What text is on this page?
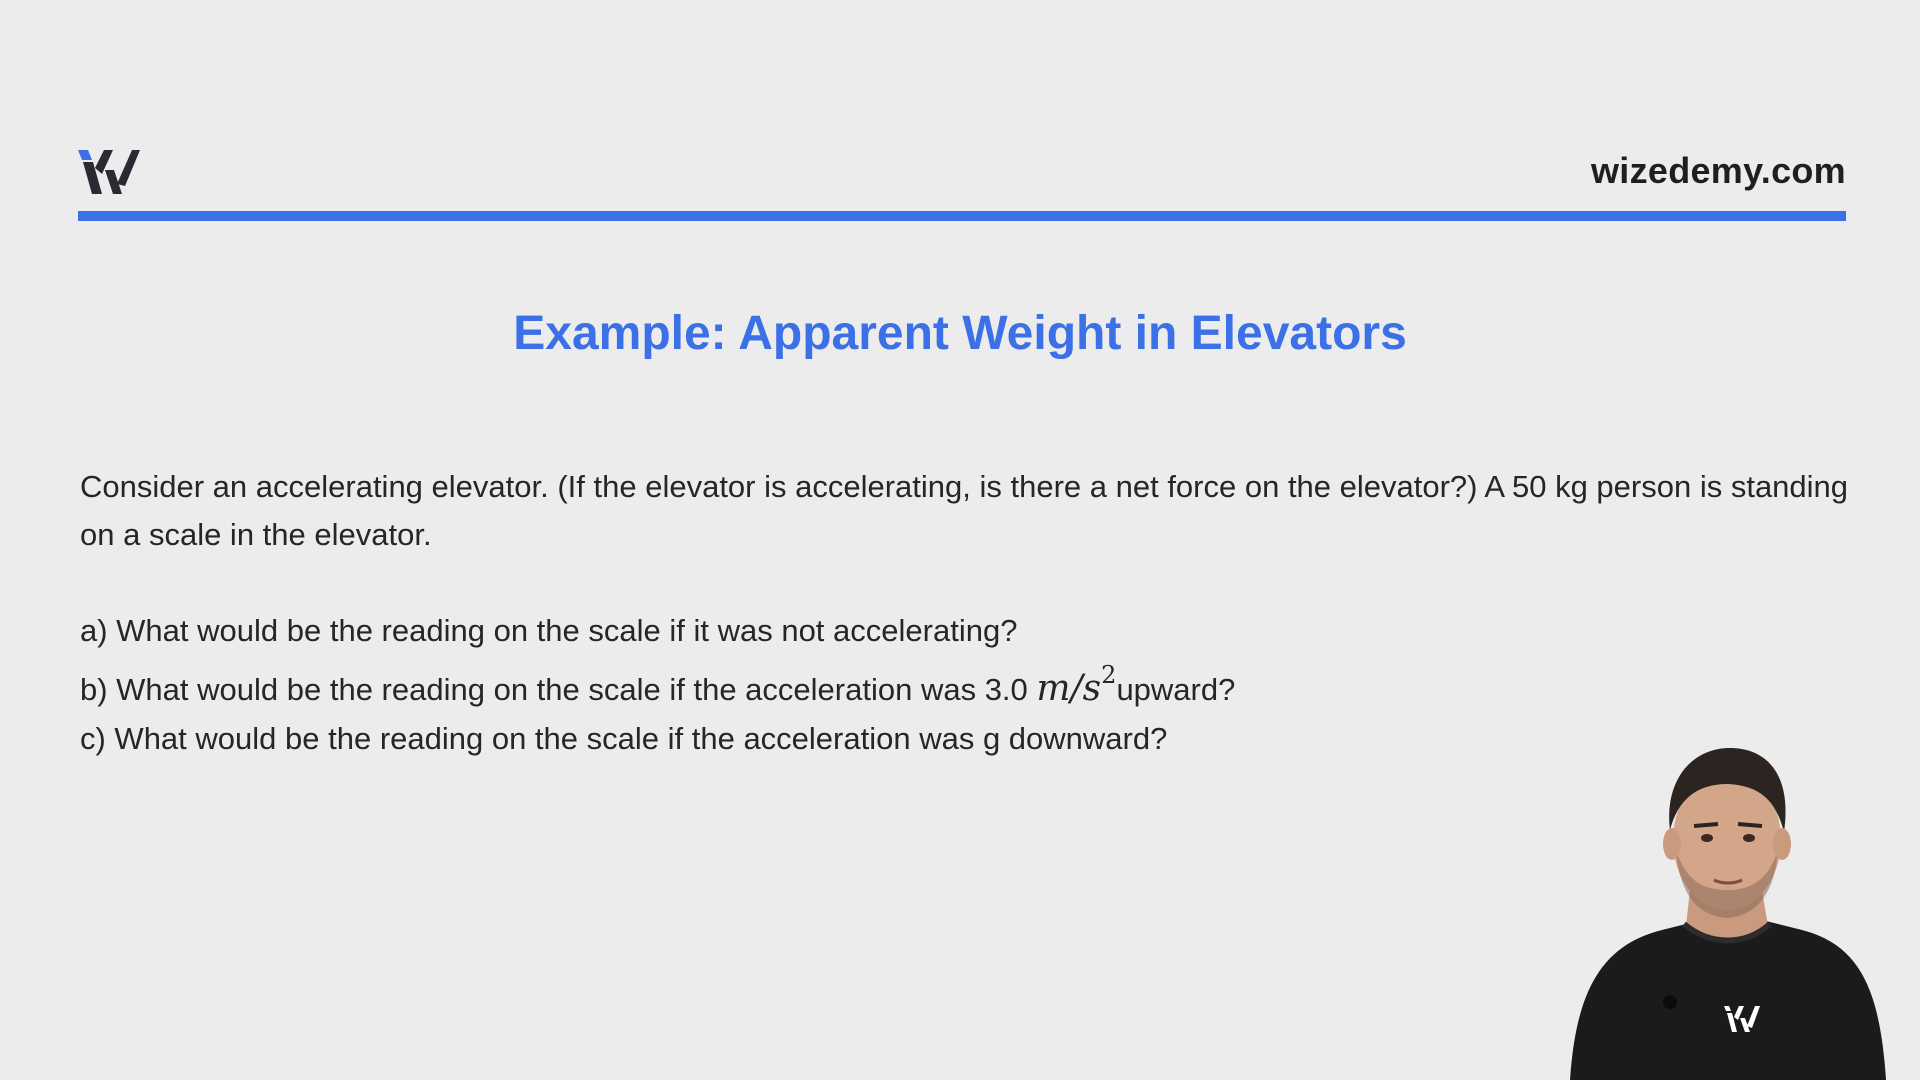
wizedemy.com
Example: Apparent Weight in Elevators
Consider an accelerating elevator. (If the elevator is accelerating, is there a net force on the elevator?) A 50 kg person is standing on a scale in the elevator.
a) What would be the reading on the scale if it was not accelerating?
b) What would be the reading on the scale if the acceleration was 3.0 $m/s^2upward$?
c) What would be the reading on the scale if the acceleration was g downward?
